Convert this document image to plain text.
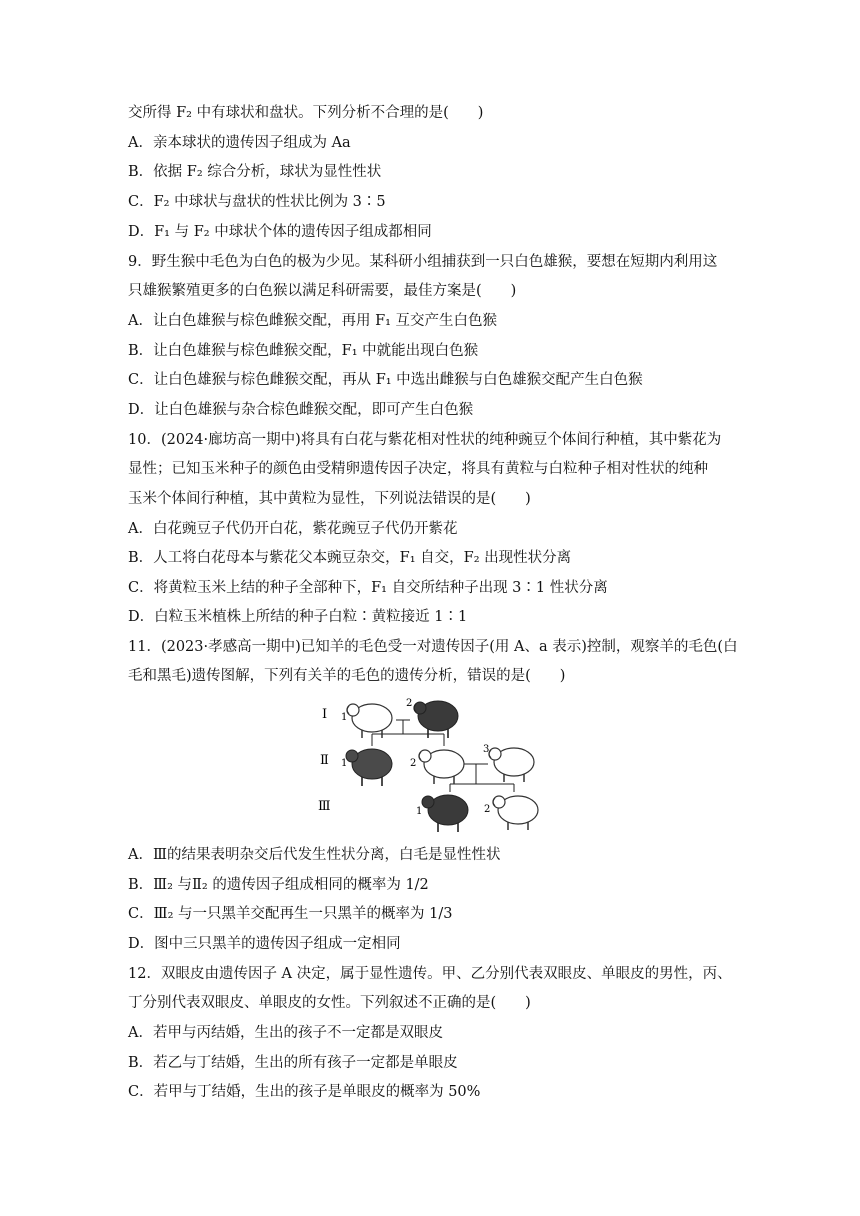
交所得 F₂ 中有球状和盘状。下列分析不合理的是(　　)
A．亲本球状的遗传因子组成为 Aa
B．依据 F₂ 综合分析，球状为显性性状
C．F₂ 中球状与盘状的性状比例为 3∶5
D．F₁ 与 F₂ 中球状个体的遗传因子组成都相同
9．野生猴中毛色为白色的极为少见。某科研小组捕获到一只白色雄猴，要想在短期内利用这
只雄猴繁殖更多的白色猴以满足科研需要，最佳方案是(　　)
A．让白色雄猴与棕色雌猴交配，再用 F₁ 互交产生白色猴
B．让白色雄猴与棕色雌猴交配，F₁ 中就能出现白色猴
C．让白色雄猴与棕色雌猴交配，再从 F₁ 中选出雌猴与白色雄猴交配产生白色猴
D．让白色雄猴与杂合棕色雌猴交配，即可产生白色猴
10．(2024·廊坊高一期中)将具有白花与紫花相对性状的纯种豌豆个体间行种植，其中紫花为
显性；已知玉米种子的颜色由受精卵遗传因子决定，将具有黄粒与白粒种子相对性状的纯种
玉米个体间行种植，其中黄粒为显性，下列说法错误的是(　　)
A．白花豌豆子代仍开白花，紫花豌豆子代仍开紫花
B．人工将白花母本与紫花父本豌豆杂交，F₁ 自交，F₂ 出现性状分离
C．将黄粒玉米上结的种子全部种下，F₁ 自交所结种子出现 3∶1 性状分离
D．白粒玉米植株上所结的种子白粒∶黄粒接近 1∶1
11．(2023·孝感高一期中)已知羊的毛色受一对遗传因子(用 A、a 表示)控制，观察羊的毛色(白
毛和黑毛)遗传图解，下列有关羊的毛色的遗传分析，错误的是(　　)
Ⅰ
Ⅱ
Ⅲ
1
2
1	2
3
1	2
A．Ⅲ的结果表明杂交后代发生性状分离，白毛是显性性状
B．Ⅲ₂ 与Ⅱ₂ 的遗传因子组成相同的概率为 1/2
C．Ⅲ₂ 与一只黑羊交配再生一只黑羊的概率为 1/3
D．图中三只黑羊的遗传因子组成一定相同
12．双眼皮由遗传因子 A 决定，属于显性遗传。甲、乙分别代表双眼皮、单眼皮的男性，丙、
丁分别代表双眼皮、单眼皮的女性。下列叙述不正确的是(　　)
A．若甲与丙结婚，生出的孩子不一定都是双眼皮
B．若乙与丁结婚，生出的所有孩子一定都是单眼皮
C．若甲与丁结婚，生出的孩子是单眼皮的概率为 50%
